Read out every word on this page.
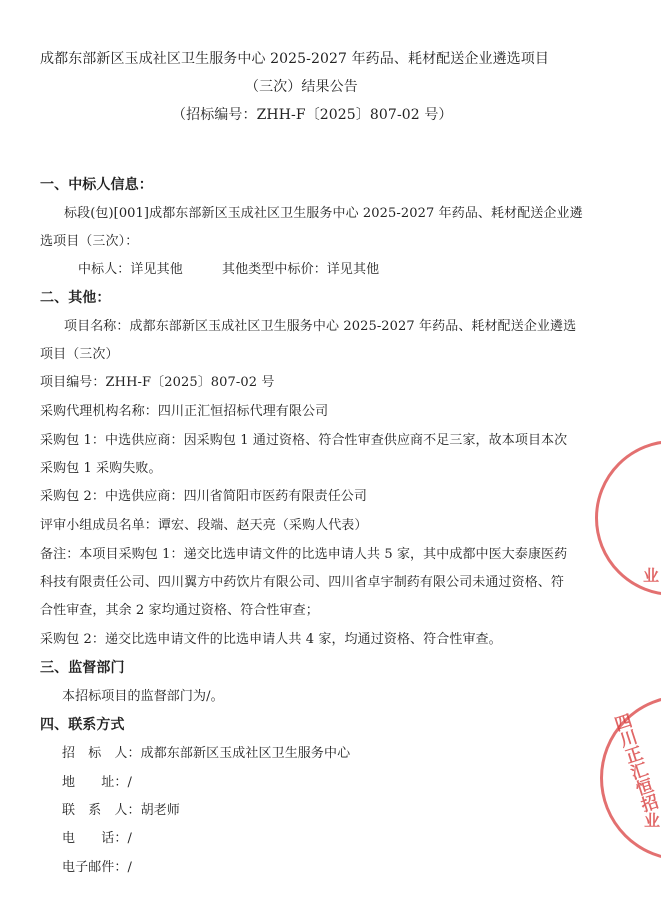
成都东部新区玉成社区卫生服务中心 2025-2027 年药品、耗材配送企业遴选项目
（三次）结果公告
（招标编号：ZHH-F〔2025〕807-02 号）
一、中标人信息：
标段(包)[001]成都东部新区玉成社区卫生服务中心 2025-2027 年药品、耗材配送企业遴
选项目（三次）：
中标人：详见其他	其他类型中标价：详见其他
二、其他：
项目名称：成都东部新区玉成社区卫生服务中心 2025-2027 年药品、耗材配送企业遴选
项目（三次）
项目编号：ZHH-F〔2025〕807-02 号
采购代理机构名称：四川正汇恒招标代理有限公司
采购包 1：中选供应商：因采购包 1 通过资格、符合性审查供应商不足三家，故本项目本次
采购包 1 采购失败。
采购包 2：中选供应商：四川省简阳市医药有限责任公司
评审小组成员名单：谭宏、段端、赵天亮（采购人代表）
备注：本项目采购包 1：递交比选申请文件的比选申请人共 5 家，其中成都中医大泰康医药
科技有限责任公司、四川翼方中药饮片有限公司、四川省卓宇制药有限公司未通过资格、符
合性审查，其余 2 家均通过资格、符合性审查；
采购包 2：递交比选申请文件的比选申请人共 4 家，均通过资格、符合性审查。
三、监督部门
本招标项目的监督部门为/。
四、联系方式
招　标　人：成都东部新区玉成社区卫生服务中心
地　　址：/
联　系　人：胡老师
电　　话：/
电子邮件：/
业
四川正汇恒招
业
